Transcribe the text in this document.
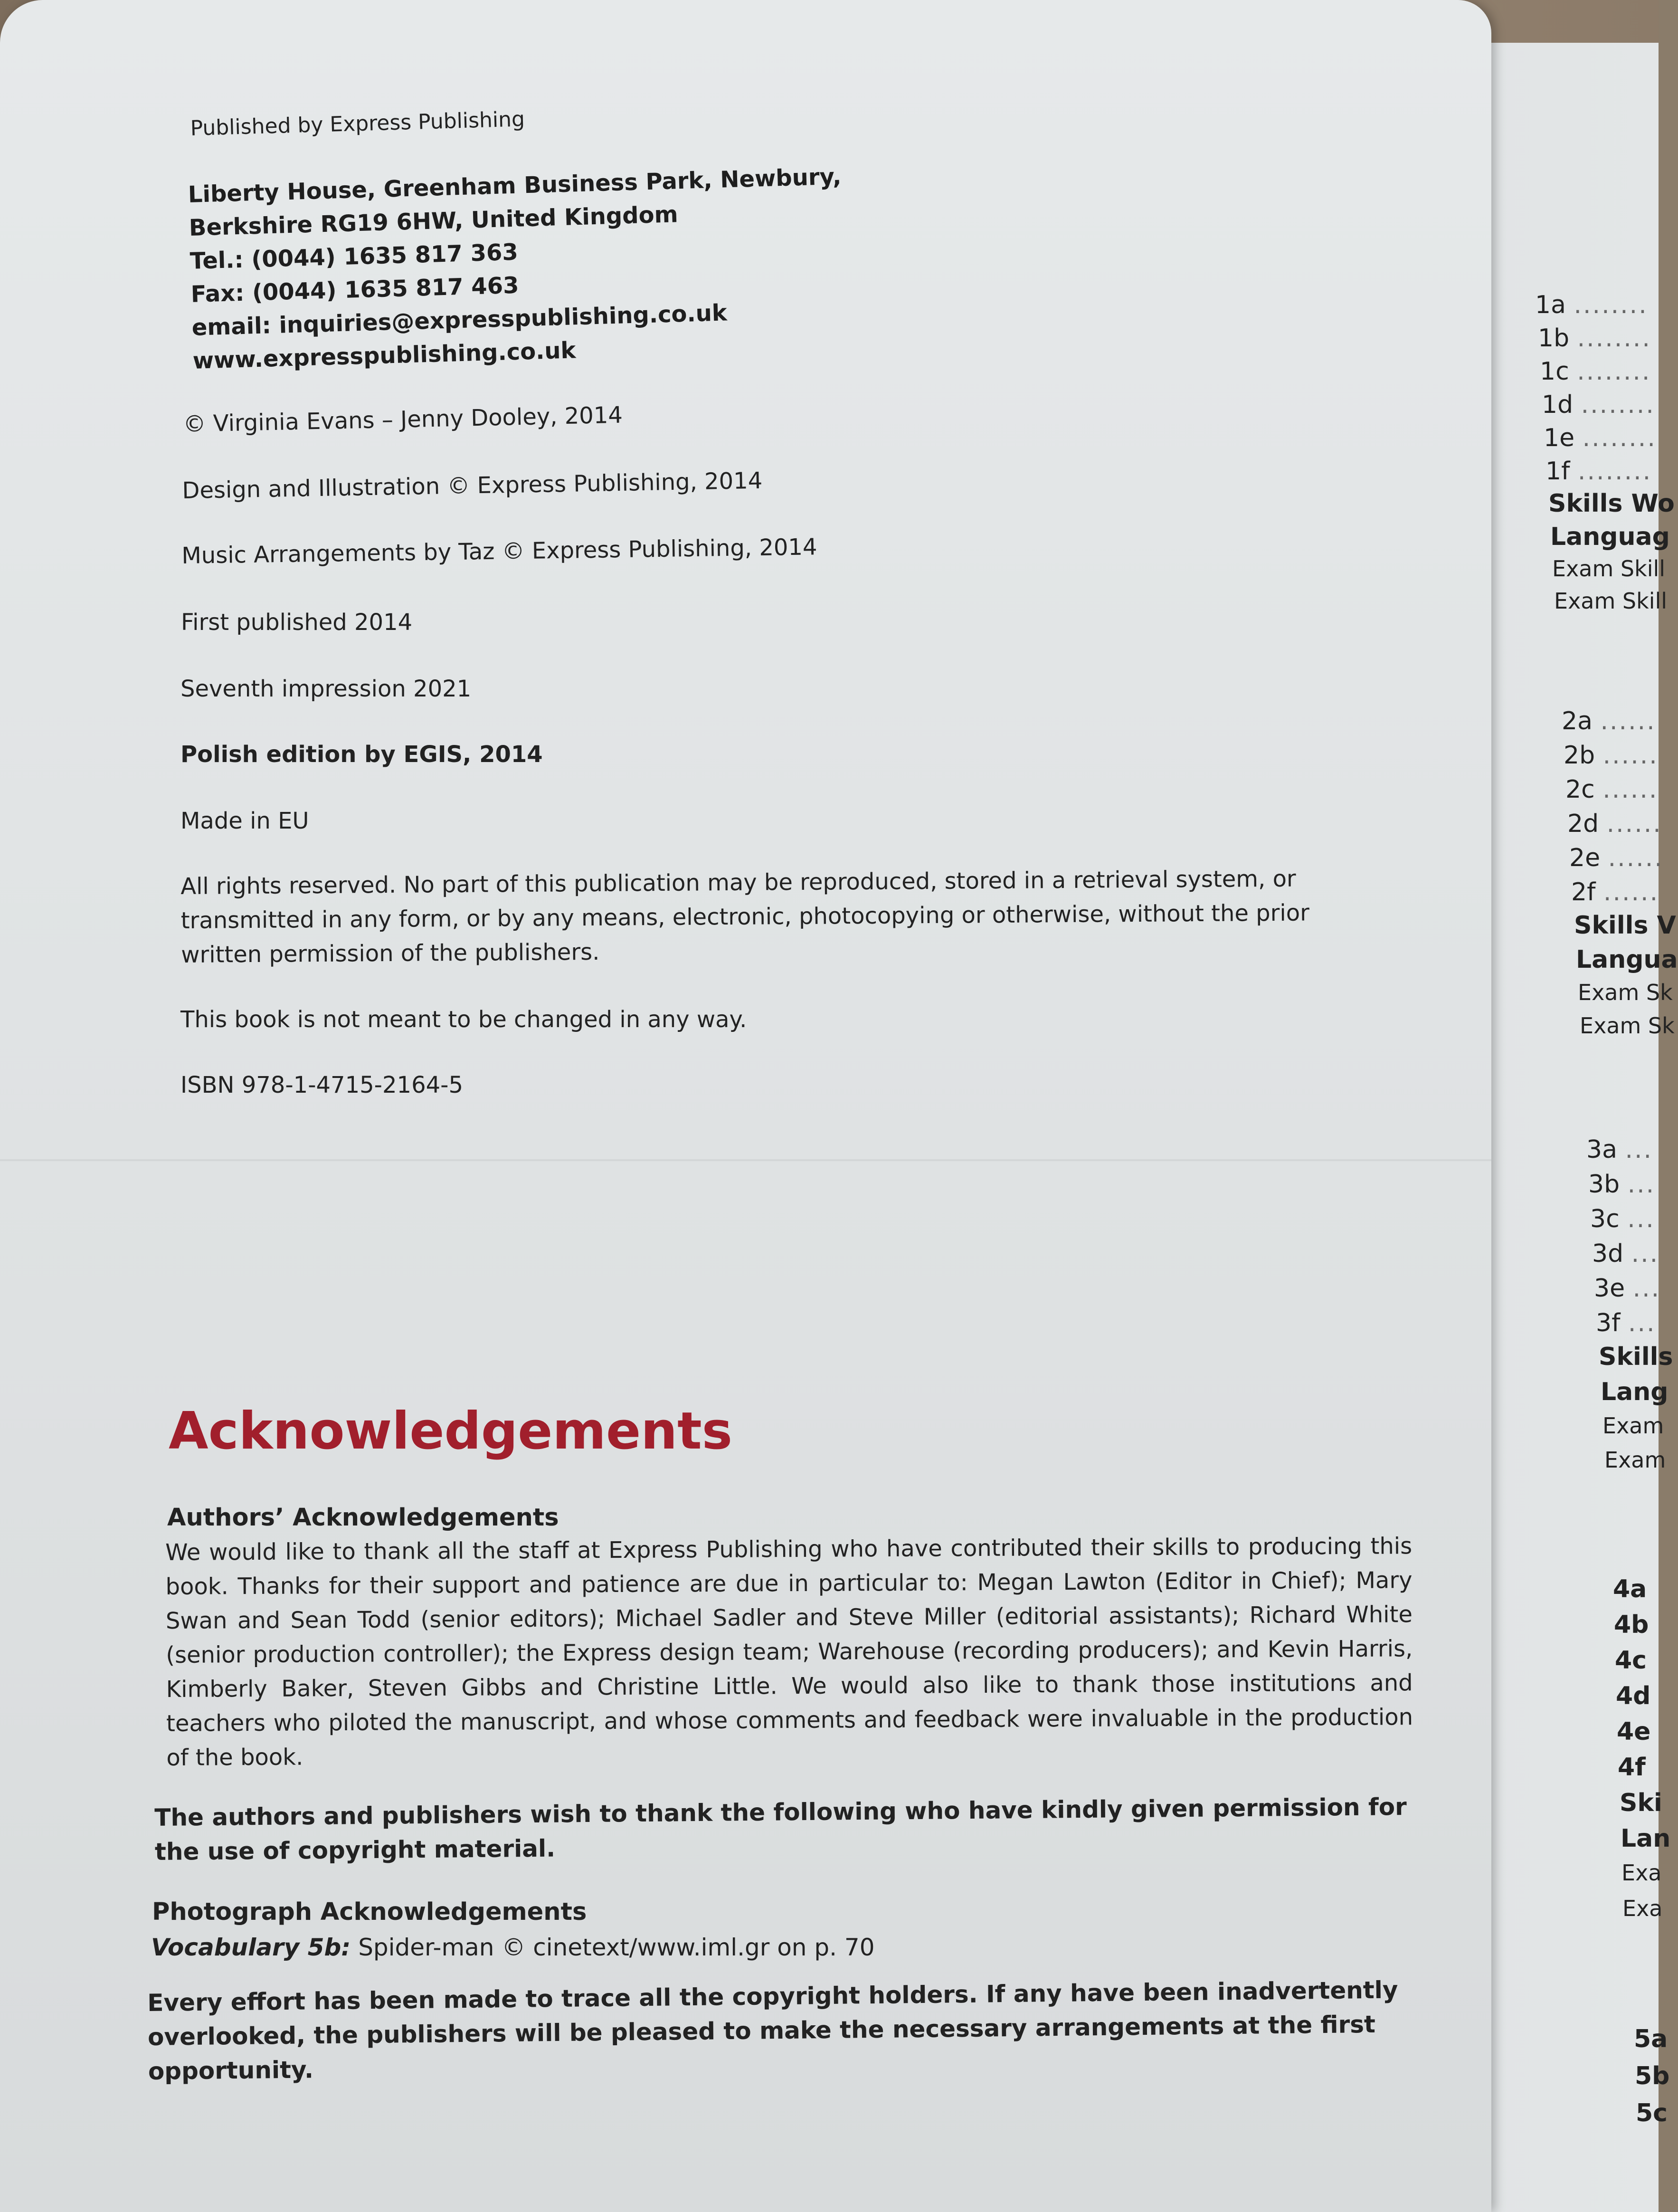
Published by Express Publishing

Liberty House, Greenham Business Park, Newbury,
Berkshire RG19 6HW, United Kingdom
Tel.: (0044) 1635 817 363
Fax: (0044) 1635 817 463
email: inquiries@expresspublishing.co.uk
www.expresspublishing.co.uk

© Virginia Evans – Jenny Dooley, 2014

Design and Illustration © Express Publishing, 2014

Music Arrangements by Taz © Express Publishing, 2014

First published 2014

Seventh impression 2021

Polish edition by EGIS, 2014

Made in EU

All rights reserved. No part of this publication may be reproduced, stored in a retrieval system, or transmitted in any form, or by any means, electronic, photocopying or otherwise, without the prior written permission of the publishers.

This book is not meant to be changed in any way.

ISBN 978-1-4715-2164-5

Acknowledgements

Authors’ Acknowledgements

We would like to thank all the staff at Express Publishing who have contributed their skills to producing this book. Thanks for their support and patience are due in particular to: Megan Lawton (Editor in Chief); Mary Swan and Sean Todd (senior editors); Michael Sadler and Steve Miller (editorial assistants); Richard White (senior production controller); the Express design team; Warehouse (recording producers); and Kevin Harris, Kimberly Baker, Steven Gibbs and Christine Little. We would also like to thank those institutions and teachers who piloted the manuscript, and whose comments and feedback were invaluable in the production of the book.

The authors and publishers wish to thank the following who have kindly given permission for the use of copyright material.

Photograph Acknowledgements

Vocabulary 5b: Spider-man © cinetext/www.iml.gr on p. 70

Every effort has been made to trace all the copyright holders. If any have been inadvertently overlooked, the publishers will be pleased to make the necessary arrangements at the first opportunity.

1a ........
1b ........
1c ........
1d ........
1e ........
1f ........
Skills Wo
Languag
Exam Skill
Exam Skill
2a ......
2b ......
2c ......
2d ......
2e ......
2f ......
Skills V
Langua
Exam Sk
Exam Sk
3a ...
3b ...
3c ...
3d ...
3e ...
3f ...
Skills
Lang
Exam
Exam
4a
4b
4c
4d
4e
4f
Ski
Lan
Exa
Exa
5a
5b
5c
